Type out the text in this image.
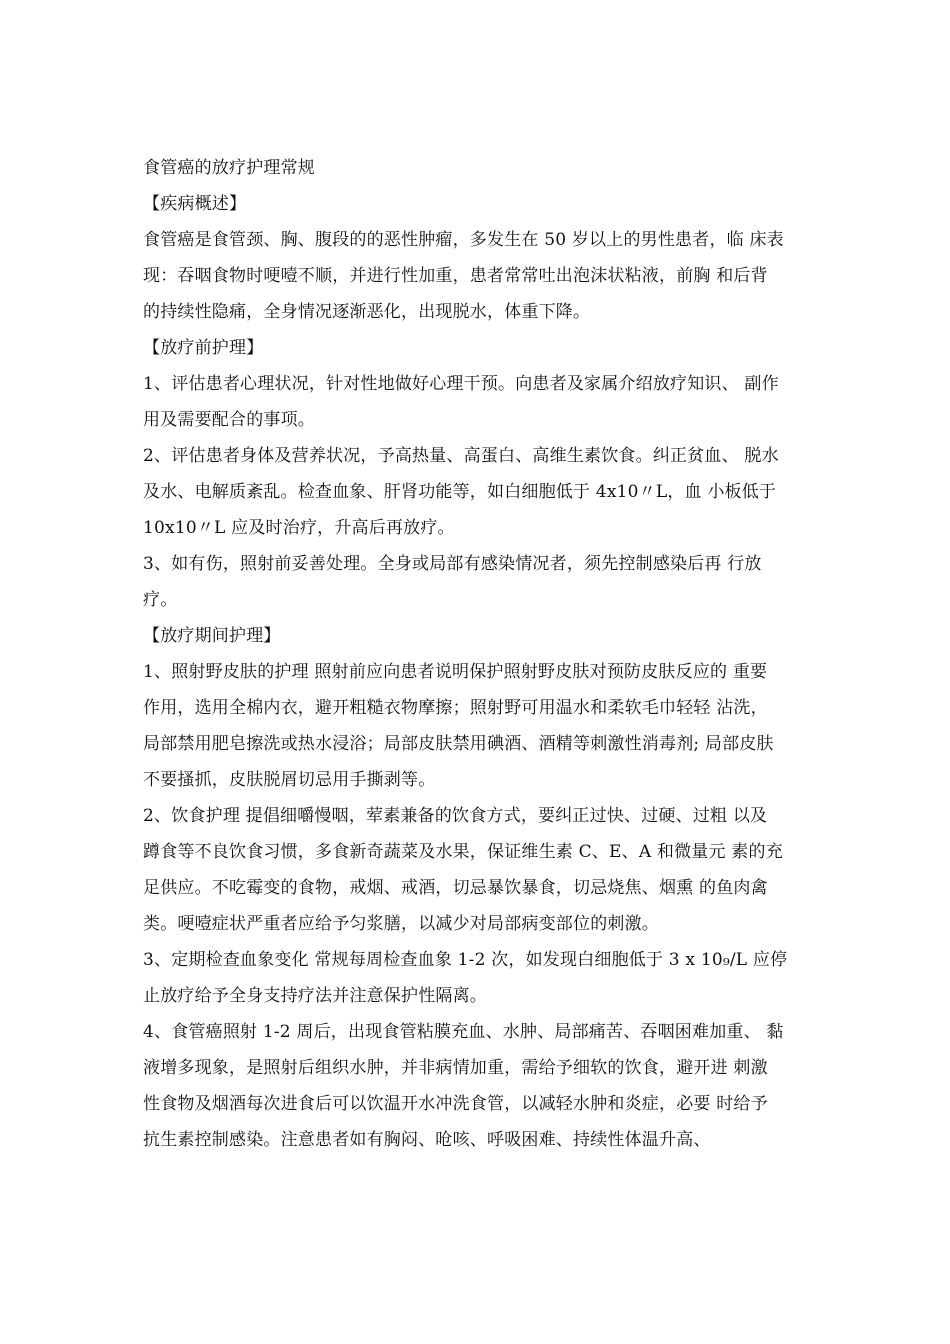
食管癌的放疗护理常规
【疾病概述】
食管癌是食管颈、胸、腹段的的恶性肿瘤，多发生在 50 岁以上的男性患者，临 床表
现：吞咽食物时哽噎不顺，并进行性加重，患者常常吐出泡沫状粘液，前胸 和后背
的持续性隐痛，全身情况逐渐恶化，出现脱水，体重下降。
【放疗前护理】
1、评估患者心理状况，针对性地做好心理干预。向患者及家属介绍放疗知识、 副作
用及需要配合的事项。
2、评估患者身体及营养状况，予高热量、高蛋白、高维生素饮食。纠正贫血、 脱水
及水、电解质紊乱。检查血象、肝肾功能等，如白细胞低于 4x10〃L，血 小板低于
10x10〃L 应及时治疗，升高后再放疗。
3、如有伤，照射前妥善处理。全身或局部有感染情况者，须先控制感染后再 行放
疗。
【放疗期间护理】
1、照射野皮肤的护理 照射前应向患者说明保护照射野皮肤对预防皮肤反应的 重要
作用，选用全棉内衣，避开粗糙衣物摩擦；照射野可用温水和柔软毛巾轻轻 沾洗，
局部禁用肥皂擦洗或热水浸浴；局部皮肤禁用碘酒、酒精等刺激性消毒剂; 局部皮肤
不要搔抓，皮肤脱屑切忌用手撕剥等。
2、饮食护理 提倡细嚼慢咽，荤素兼备的饮食方式，要纠正过快、过硬、过粗 以及
蹲食等不良饮食习惯，多食新奇蔬菜及水果，保证维生素 C、E、A 和微量元 素的充
足供应。不吃霉变的食物，戒烟、戒酒，切忌暴饮暴食，切忌烧焦、烟熏 的鱼肉禽
类。哽噎症状严重者应给予匀浆膳，以减少对局部病变部位的刺激。
3、定期检查血象变化 常规每周检查血象 1-2 次，如发现白细胞低于 3 x 10₉/L 应停
止放疗给予全身支持疗法并注意保护性隔离。
4、食管癌照射 1-2 周后，出现食管粘膜充血、水肿、局部痛苦、吞咽困难加重、 黏
液增多现象，是照射后组织水肿，并非病情加重，需给予细软的饮食，避开进 刺激
性食物及烟酒每次进食后可以饮温开水冲洗食管，以减轻水肿和炎症，必要 时给予
抗生素控制感染。注意患者如有胸闷、呛咳、呼吸困难、持续性体温升高、
